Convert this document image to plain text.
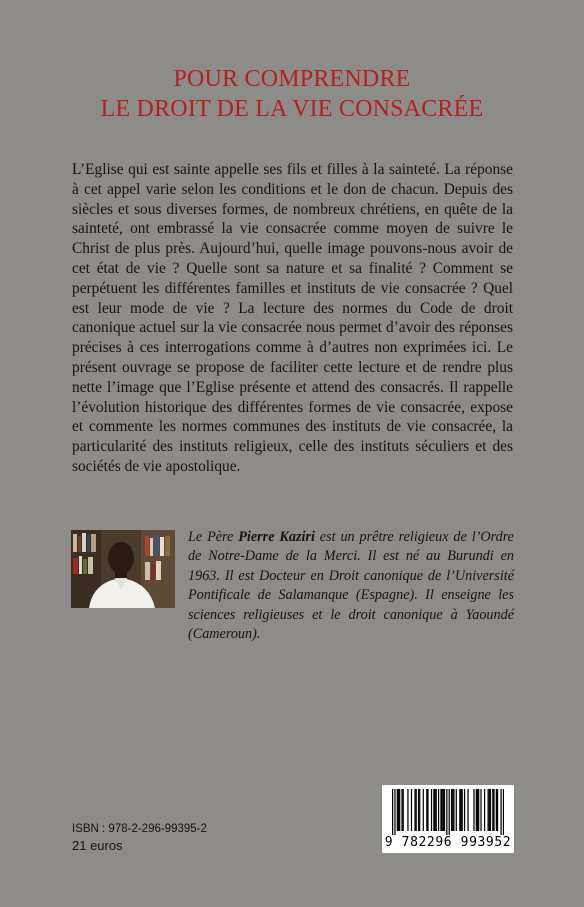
POUR COMPRENDRE
LE DROIT DE LA VIE CONSACRÉE
L’Eglise qui est sainte appelle ses fils et filles à la sainteté. La réponse à cet appel varie selon les conditions et le don de chacun. Depuis des siècles et sous diverses formes, de nombreux chrétiens, en quête de la sainteté, ont embrassé la vie consacrée comme moyen de suivre le Christ de plus près. Aujourd’hui, quelle image pouvons-nous avoir de cet état de vie ? Quelle sont sa nature et sa finalité ? Comment se perpétuent les différentes familles et instituts de vie consacrée ? Quel est leur mode de vie ? La lecture des normes du Code de droit canonique actuel sur la vie consacrée nous permet d’avoir des réponses précises à ces interrogations comme à d’autres non exprimées ici. Le présent ouvrage se propose de faciliter cette lecture et de rendre plus nette l’image que l’Eglise présente et attend des consacrés. Il rappelle l’évolution historique des différentes formes de vie consacrée, expose et commente les normes communes des instituts de vie consacrée, la particularité des instituts religieux, celle des instituts séculiers et des sociétés de vie apostolique.
Le Père Pierre Kaziri est un prêtre religieux de l’Ordre de Notre-Dame de la Merci. Il est né au Burundi en 1963. Il est Docteur en Droit canonique de l’Université Pontificale de Salamanque (Espagne). Il enseigne les sciences religieuses et le droit canonique à Yaoundé (Cameroun).
ISBN : 978-2-296-99395-2
21 euros	9 782296 993952
